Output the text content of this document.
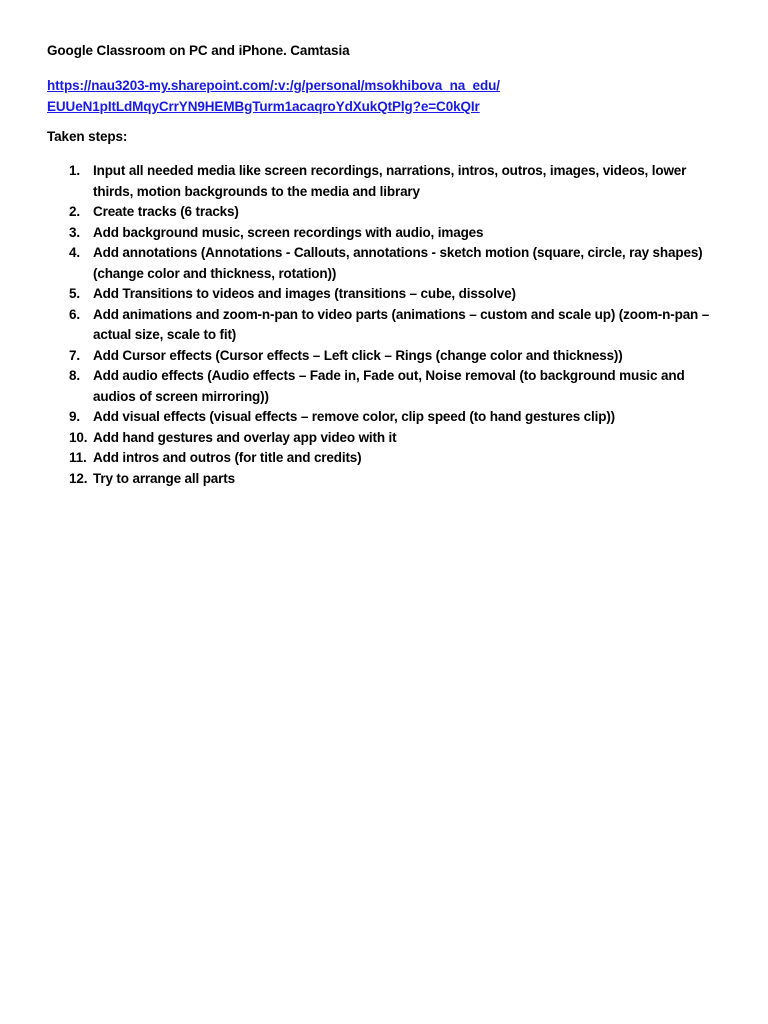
Google Classroom on PC and iPhone. Camtasia
https://nau3203-my.sharepoint.com/:v:/g/personal/msokhibova_na_edu/
EUUeN1pItLdMqyCrrYN9HEMBgTurm1acaqroYdXukQtPlg?e=C0kQIr
Taken steps:
1. Input all needed media like screen recordings, narrations, intros, outros, images, videos, lower thirds, motion backgrounds to the media and library
2. Create tracks (6 tracks)
3. Add background music, screen recordings with audio, images
4. Add annotations (Annotations - Callouts, annotations - sketch motion (square, circle, ray shapes) (change color and thickness, rotation))
5. Add Transitions to videos and images (transitions – cube, dissolve)
6. Add animations and zoom-n-pan to video parts (animations – custom and scale up) (zoom-n-pan – actual size, scale to fit)
7. Add Cursor effects (Cursor effects – Left click – Rings (change color and thickness))
8. Add audio effects (Audio effects – Fade in, Fade out, Noise removal (to background music and audios of screen mirroring))
9. Add visual effects (visual effects – remove color, clip speed (to hand gestures clip))
10. Add hand gestures and overlay app video with it
11. Add intros and outros (for title and credits)
12. Try to arrange all parts
